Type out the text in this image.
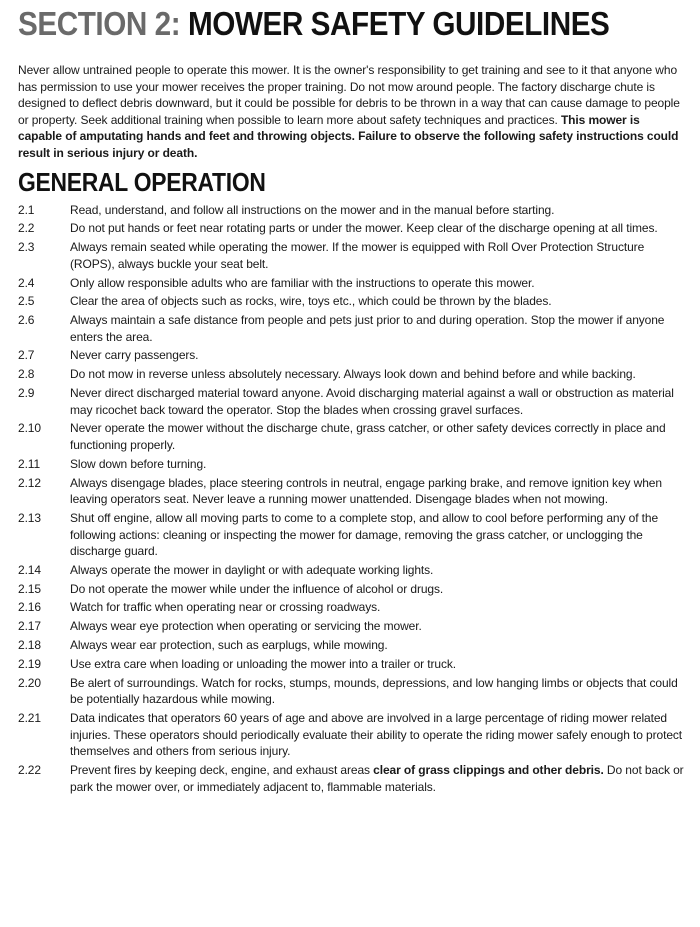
SECTION 2: MOWER SAFETY GUIDELINES

Never allow untrained people to operate this mower. It is the owner's responsibility to get training and see to it that anyone who has permission to use your mower receives the proper training. Do not mow around people. The factory discharge chute is designed to deflect debris downward, but it could be possible for debris to be thrown in a way that can cause damage to people or property. Seek additional training when possible to learn more about safety techniques and practices. This mower is capable of amputating hands and feet and throwing objects. Failure to observe the following safety instructions could result in serious injury or death.

GENERAL OPERATION
2.1	Read, understand, and follow all instructions on the mower and in the manual before starting.
2.2	Do not put hands or feet near rotating parts or under the mower. Keep clear of the discharge opening at all times.
2.3	Always remain seated while operating the mower. If the mower is equipped with Roll Over Protection Structure (ROPS), always buckle your seat belt.
2.4	Only allow responsible adults who are familiar with the instructions to operate this mower.
2.5	Clear the area of objects such as rocks, wire, toys etc., which could be thrown by the blades.
2.6	Always maintain a safe distance from people and pets just prior to and during operation. Stop the mower if anyone enters the area.
2.7	Never carry passengers.
2.8	Do not mow in reverse unless absolutely necessary. Always look down and behind before and while backing.
2.9	Never direct discharged material toward anyone. Avoid discharging material against a wall or obstruction as material may ricochet back toward the operator. Stop the blades when crossing gravel surfaces.
2.10	Never operate the mower without the discharge chute, grass catcher, or other safety devices correctly in place and functioning properly.
2.11	Slow down before turning.
2.12	Always disengage blades, place steering controls in neutral, engage parking brake, and remove ignition key when leaving operators seat. Never leave a running mower unattended. Disengage blades when not mowing.
2.13	Shut off engine, allow all moving parts to come to a complete stop, and allow to cool before performing any of the following actions: cleaning or inspecting the mower for damage, removing the grass catcher, or unclogging the discharge guard.
2.14	Always operate the mower in daylight or with adequate working lights.
2.15	Do not operate the mower while under the influence of alcohol or drugs.
2.16	Watch for traffic when operating near or crossing roadways.
2.17	Always wear eye protection when operating or servicing the mower.
2.18	Always wear ear protection, such as earplugs, while mowing.
2.19	Use extra care when loading or unloading the mower into a trailer or truck.
2.20	Be alert of surroundings. Watch for rocks, stumps, mounds, depressions, and low hanging limbs or objects that could be potentially hazardous while mowing.
2.21	Data indicates that operators 60 years of age and above are involved in a large percentage of riding mower related injuries. These operators should periodically evaluate their ability to operate the riding mower safely enough to protect themselves and others from serious injury.
2.22	Prevent fires by keeping deck, engine, and exhaust areas clear of grass clippings and other debris. Do not back or park the mower over, or immediately adjacent to, flammable materials.
